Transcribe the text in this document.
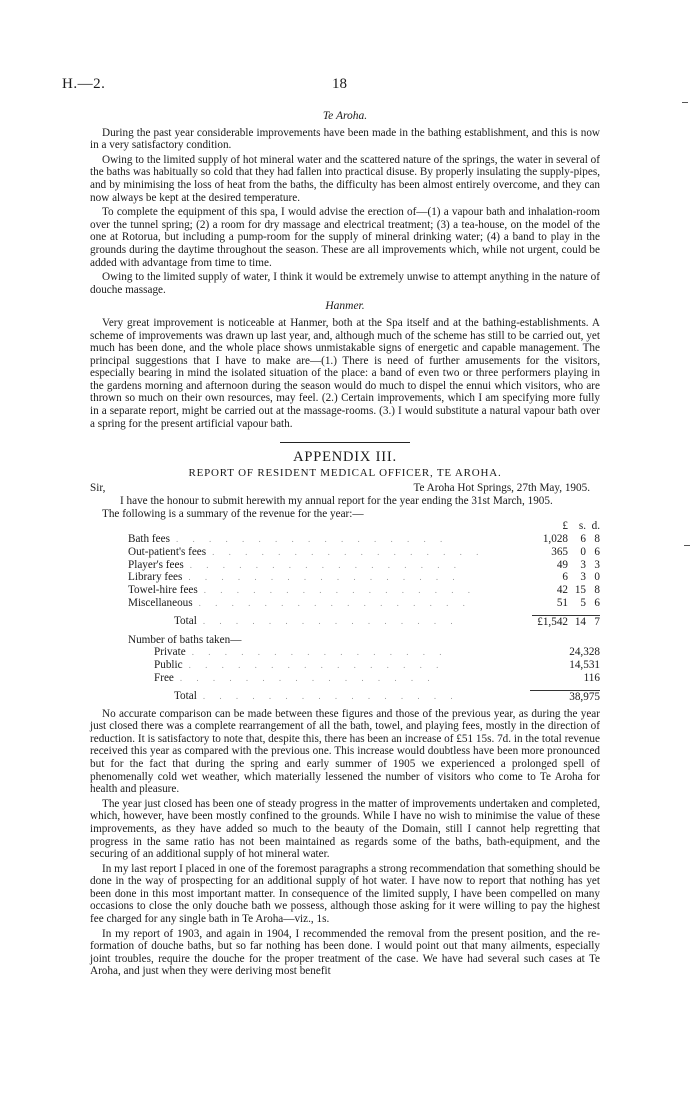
H.—2.	18

Te Aroha.

During the past year considerable improvements have been made in the bathing establishment, and this is now in a very satisfactory condition.

Owing to the limited supply of hot mineral water and the scattered nature of the springs, the water in several of the baths was habitually so cold that they had fallen into practical disuse. By properly insulating the supply-pipes, and by minimising the loss of heat from the baths, the difficulty has been almost entirely overcome, and they can now always be kept at the desired temperature.

To complete the equipment of this spa, I would advise the erection of—(1) a vapour bath and inhalation-room over the tunnel spring; (2) a room for dry massage and electrical treatment; (3) a tea-house, on the model of the one at Rotorua, but including a pump-room for the supply of mineral drinking water; (4) a band to play in the grounds during the daytime throughout the season. These are all improvements which, while not urgent, could be added with advantage from time to time.

Owing to the limited supply of water, I think it would be extremely unwise to attempt anything in the nature of douche massage.

Hanmer.

Very great improvement is noticeable at Hanmer, both at the Spa itself and at the bathing-establishments. A scheme of improvements was drawn up last year, and, although much of the scheme has still to be carried out, yet much has been done, and the whole place shows unmistakable signs of energetic and capable management. The principal suggestions that I have to make are—(1.) There is need of further amusements for the visitors, especially bearing in mind the isolated situation of the place: a band of even two or three performers playing in the gardens morning and afternoon during the season would do much to dispel the ennui which visitors, who are thrown so much on their own resources, may feel. (2.) Certain improvements, which I am specifying more fully in a separate report, might be carried out at the massage-rooms. (3.) I would substitute a natural vapour bath over a spring for the present artificial vapour bath.

APPENDIX III.

REPORT OF RESIDENT MEDICAL OFFICER, TE AROHA.

Sir,	Te Aroha Hot Springs, 27th May, 1905.

I have the honour to submit herewith my annual report for the year ending the 31st March, 1905.

The following is a summary of the revenue for the year:—

£ s. d.
Bath fees . . . . . . . . . . . . . . . . .	1,028	6 8
Out-patient's fees . . . . . . . . . . . . . . . . .	365	0 6
Player's fees . . . . . . . . . . . . . . . . .	49	3 3
Library fees . . . . . . . . . . . . . . . . .	6	3 0
Towel-hire fees . . . . . . . . . . . . . . . . .	42 15 8
Miscellaneous . . . . . . . . . . . . . . . . .	51	5 6
Total . . . . . . . . . . . . . . . .	£1,542 14 7
Number of baths taken—
Private . . . . . . . . . . . . . . . .	24,328
Public . . . . . . . . . . . . . . . .	14,531
Free . . . . . . . . . . . . . . . .	116
Total . . . . . . . . . . . . . . . .	38,975

No accurate comparison can be made between these figures and those of the previous year, as during the year just closed there was a complete rearrangement of all the bath, towel, and playing fees, mostly in the direction of reduction. It is satisfactory to note that, despite this, there has been an increase of £51 15s. 7d. in the total revenue received this year as compared with the previous one. This increase would doubtless have been more pronounced but for the fact that during the spring and early summer of 1905 we experienced a prolonged spell of phenomenally cold wet weather, which materially lessened the number of visitors who come to Te Aroha for health and pleasure.

The year just closed has been one of steady progress in the matter of improvements undertaken and completed, which, however, have been mostly confined to the grounds. While I have no wish to minimise the value of these improvements, as they have added so much to the beauty of the Domain, still I cannot help regretting that progress in the same ratio has not been maintained as regards some of the baths, bath-equipment, and the securing of an additional supply of hot mineral water.

In my last report I placed in one of the foremost paragraphs a strong recommendation that something should be done in the way of prospecting for an additional supply of hot water. I have now to report that nothing has yet been done in this most important matter. In consequence of the limited supply, I have been compelled on many occasions to close the only douche bath we possess, although those asking for it were willing to pay the highest fee charged for any single bath in Te Aroha—viz., 1s.

In my report of 1903, and again in 1904, I recommended the removal from the present position, and the re-formation of douche baths, but so far nothing has been done. I would point out that many ailments, especially joint troubles, require the douche for the proper treatment of the case. We have had several such cases at Te Aroha, and just when they were deriving most benefit
